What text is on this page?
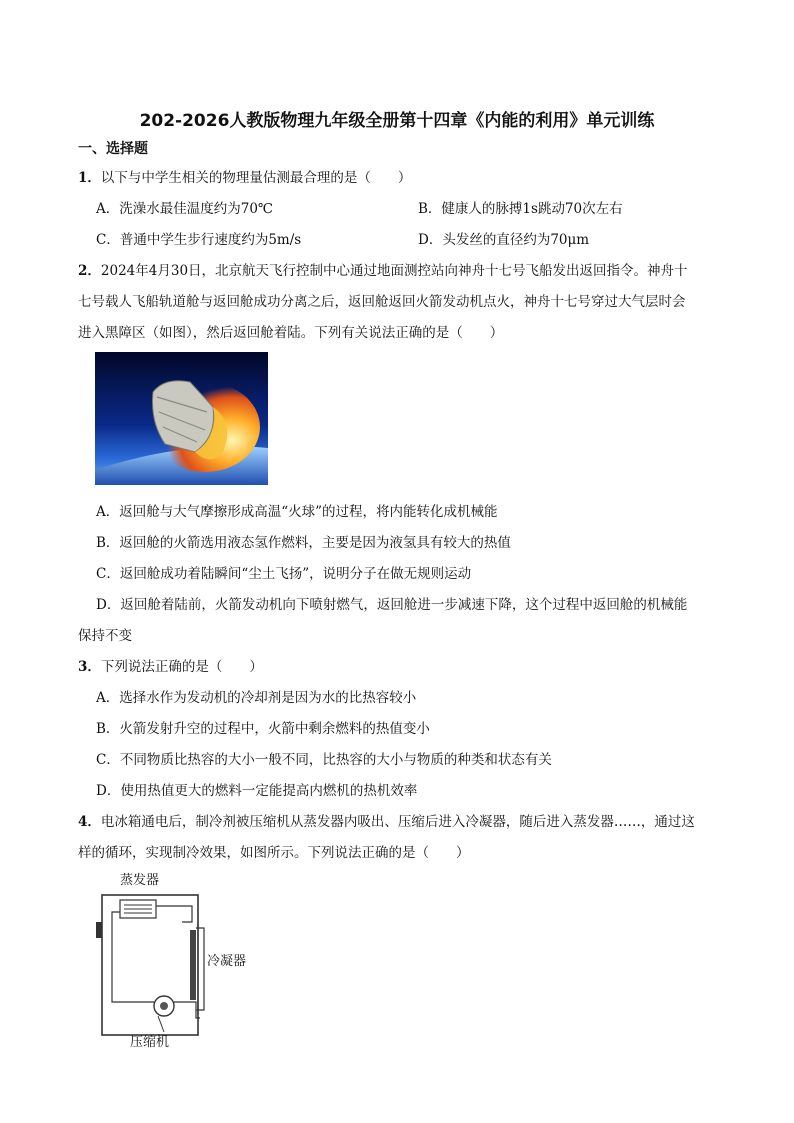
202-2026人教版物理九年级全册第十四章《内能的利用》单元训练
一、选择题
1．以下与中学生相关的物理量估测最合理的是（　　）
A．洗澡水最佳温度约为70℃	B．健康人的脉搏1s跳动70次左右
C．普通中学生步行速度约为5m/s	D．头发丝的直径约为70μm
2．2024年4月30日，北京航天飞行控制中心通过地面测控站向神舟十七号飞船发出返回指令。神舟十
七号载人飞船轨道舱与返回舱成功分离之后，返回舱返回火箭发动机点火，神舟十七号穿过大气层时会
进入黑障区（如图），然后返回舱着陆。下列有关说法正确的是（　　）
A．返回舱与大气摩擦形成高温“火球”的过程，将内能转化成机械能
B．返回舱的火箭选用液态氢作燃料，主要是因为液氢具有较大的热值
C．返回舱成功着陆瞬间“尘土飞扬”，说明分子在做无规则运动
D．返回舱着陆前，火箭发动机向下喷射燃气，返回舱进一步减速下降，这个过程中返回舱的机械能
保持不变
3．下列说法正确的是（　　）
A．选择水作为发动机的冷却剂是因为水的比热容较小
B．火箭发射升空的过程中，火箭中剩余燃料的热值变小
C．不同物质比热容的大小一般不同，比热容的大小与物质的种类和状态有关
D．使用热值更大的燃料一定能提高内燃机的热机效率
4．电冰箱通电后，制冷剂被压缩机从蒸发器内吸出、压缩后进入冷凝器，随后进入蒸发器……，通过这
样的循环，实现制冷效果，如图所示。下列说法正确的是（　　）
蒸发器
冷凝器
压缩机
